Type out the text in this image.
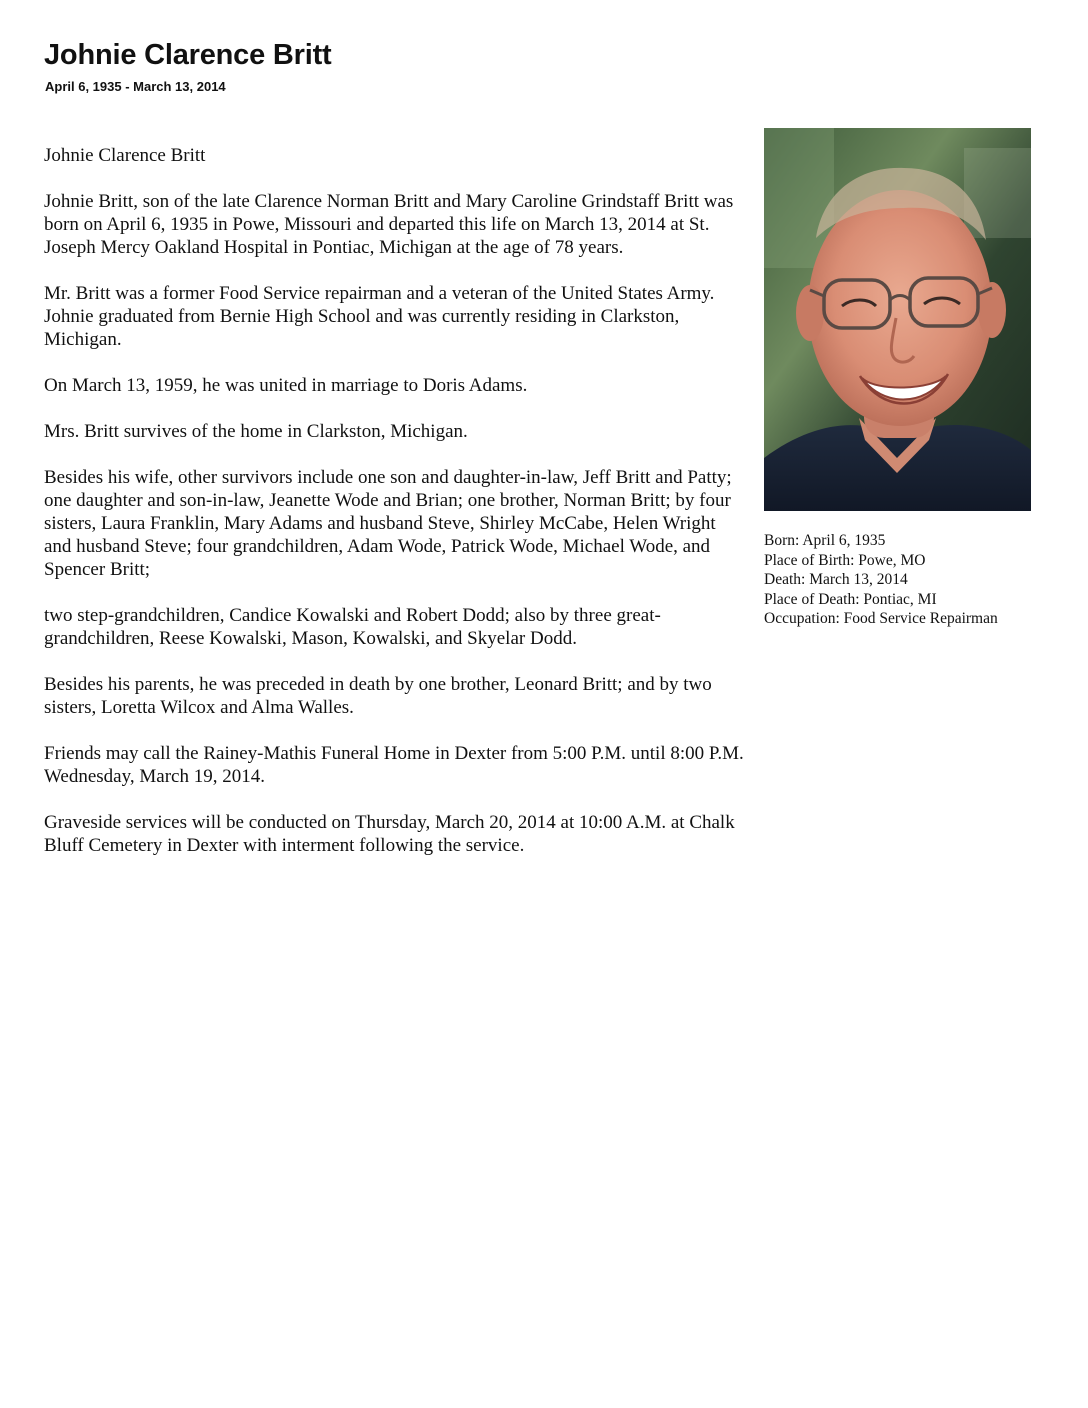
Johnie Clarence Britt
April 6, 1935 - March 13, 2014

Johnie Clarence Britt

Johnie Britt, son of the late Clarence Norman Britt and Mary Caroline Grindstaff Britt was born on April 6, 1935 in Powe, Missouri and departed this life on March 13, 2014 at St. Joseph Mercy Oakland Hospital in Pontiac, Michigan at the age of 78 years.

Mr. Britt was a former Food Service repairman and a veteran of the United States Army. Johnie graduated from Bernie High School and was currently residing in Clarkston, Michigan.

On March 13, 1959, he was united in marriage to Doris Adams.

Mrs. Britt survives of the home in Clarkston, Michigan.

Besides his wife, other survivors include one son and daughter-in-law, Jeff Britt and Patty; one daughter and son-in-law, Jeanette Wode and Brian; one brother, Norman Britt; by four sisters, Laura Franklin, Mary Adams and husband Steve, Shirley McCabe, Helen Wright and husband Steve; four grandchildren, Adam Wode, Patrick Wode, Michael Wode, and Spencer Britt;

two step-grandchildren, Candice Kowalski and Robert Dodd; also by three great-grandchildren, Reese Kowalski, Mason, Kowalski, and Skyelar Dodd.

Besides his parents, he was preceded in death by one brother, Leonard Britt; and by two sisters, Loretta Wilcox and Alma Walles.

Friends may call the Rainey-Mathis Funeral Home in Dexter from 5:00 P.M. until 8:00 P.M. Wednesday, March 19, 2014.

Graveside services will be conducted on Thursday, March 20, 2014 at 10:00 A.M. at Chalk Bluff Cemetery in Dexter with interment following the service.

Born: April 6, 1935
Place of Birth: Powe, MO
Death: March 13, 2014
Place of Death: Pontiac, MI
Occupation: Food Service Repairman
